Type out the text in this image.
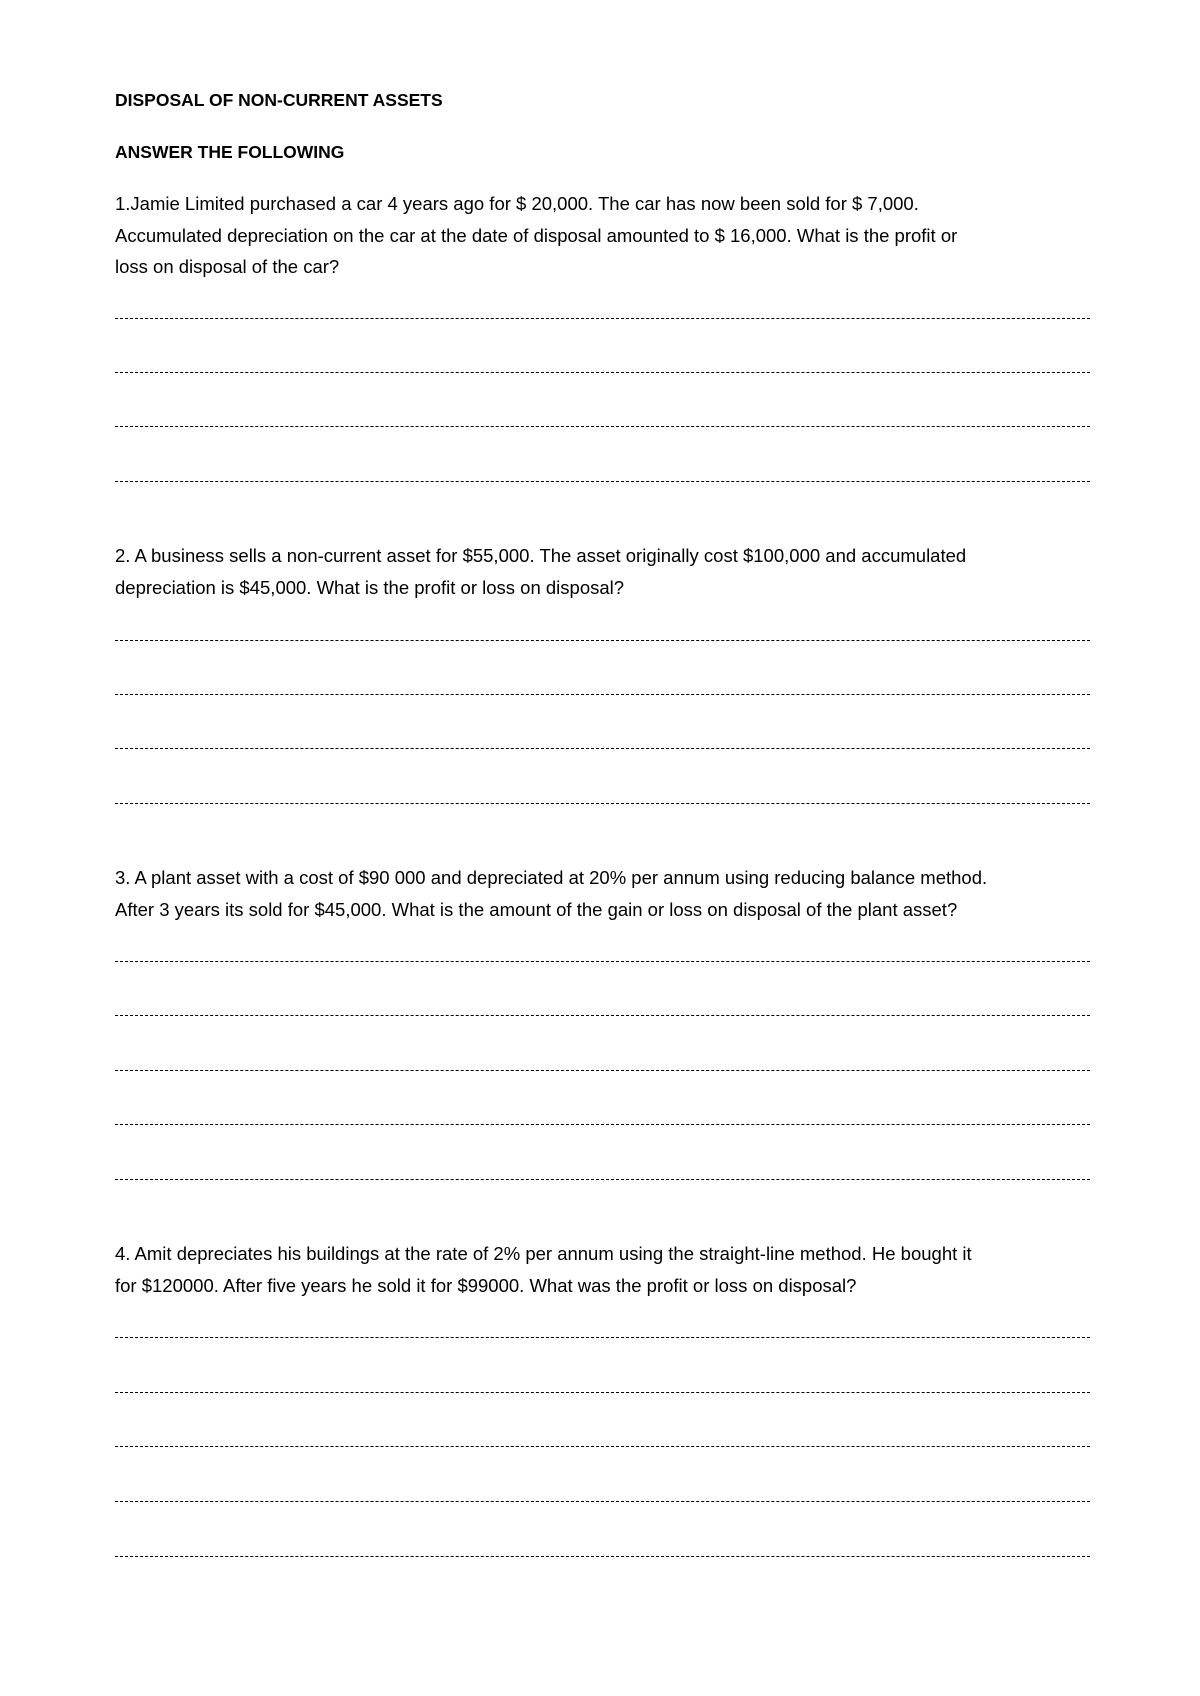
DISPOSAL OF NON-CURRENT ASSETS
ANSWER THE FOLLOWING
1.Jamie Limited purchased a car 4 years ago for $ 20,000. The car has now been sold for $ 7,000.
Accumulated depreciation on the car at the date of disposal amounted to $ 16,000. What is the profit or
loss on disposal of the car?
2. A business sells a non-current asset for $55,000. The asset originally cost $100,000 and accumulated
depreciation is $45,000. What is the profit or loss on disposal?
3. A plant asset with a cost of $90 000 and depreciated at 20% per annum using reducing balance method.
After 3 years its sold for $45,000. What is the amount of the gain or loss on disposal of the plant asset?
4. Amit depreciates his buildings at the rate of 2% per annum using the straight-line method. He bought it
for $120000. After five years he sold it for $99000. What was the profit or loss on disposal?
